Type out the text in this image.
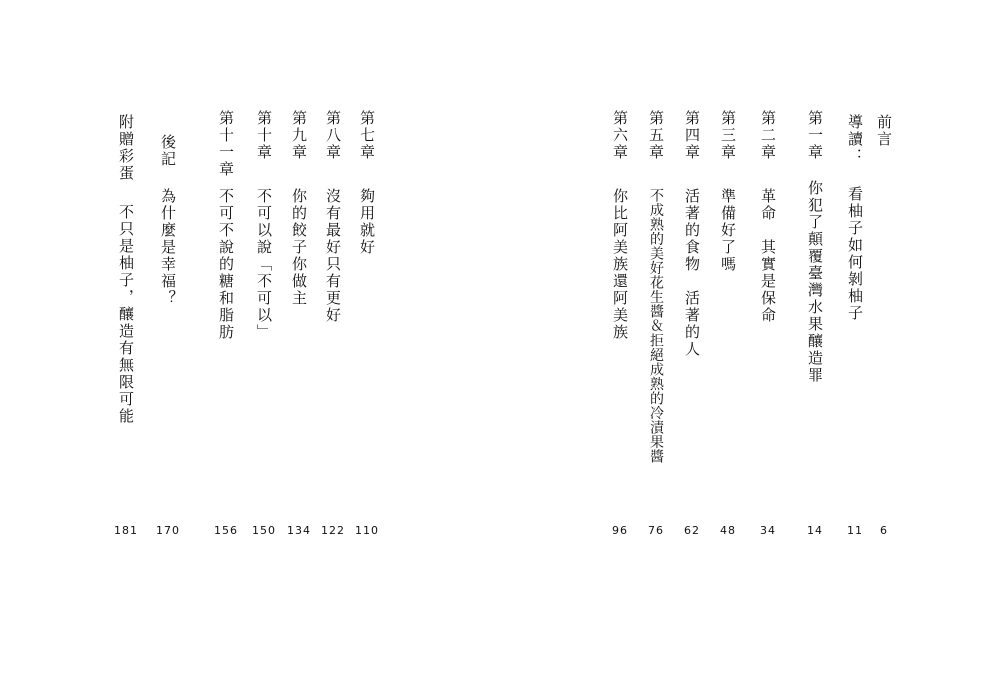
第七章
夠用就好
110
第八章
沒有最好只有更好
122
第九章
你的餃子你做主
134
第十章
不可以說「不可以」
150
第十一章
不可不說的糖和脂肪
156
後記
為什麼是幸福？
170
附贈彩蛋
不只是柚子，釀造有無限可能
181
前言
6
導讀：
看柚子如何剝柚子
11
第一章
你犯了顛覆臺灣水果釀造罪
14
第二章
革命　其實是保命
34
第三章
準備好了嗎
48
第四章
活著的食物　活著的人
62
第五章
不成熟的美好花生醬＆拒絕成熟的冷漬果醬
76
第六章
你比阿美族還阿美族
96
